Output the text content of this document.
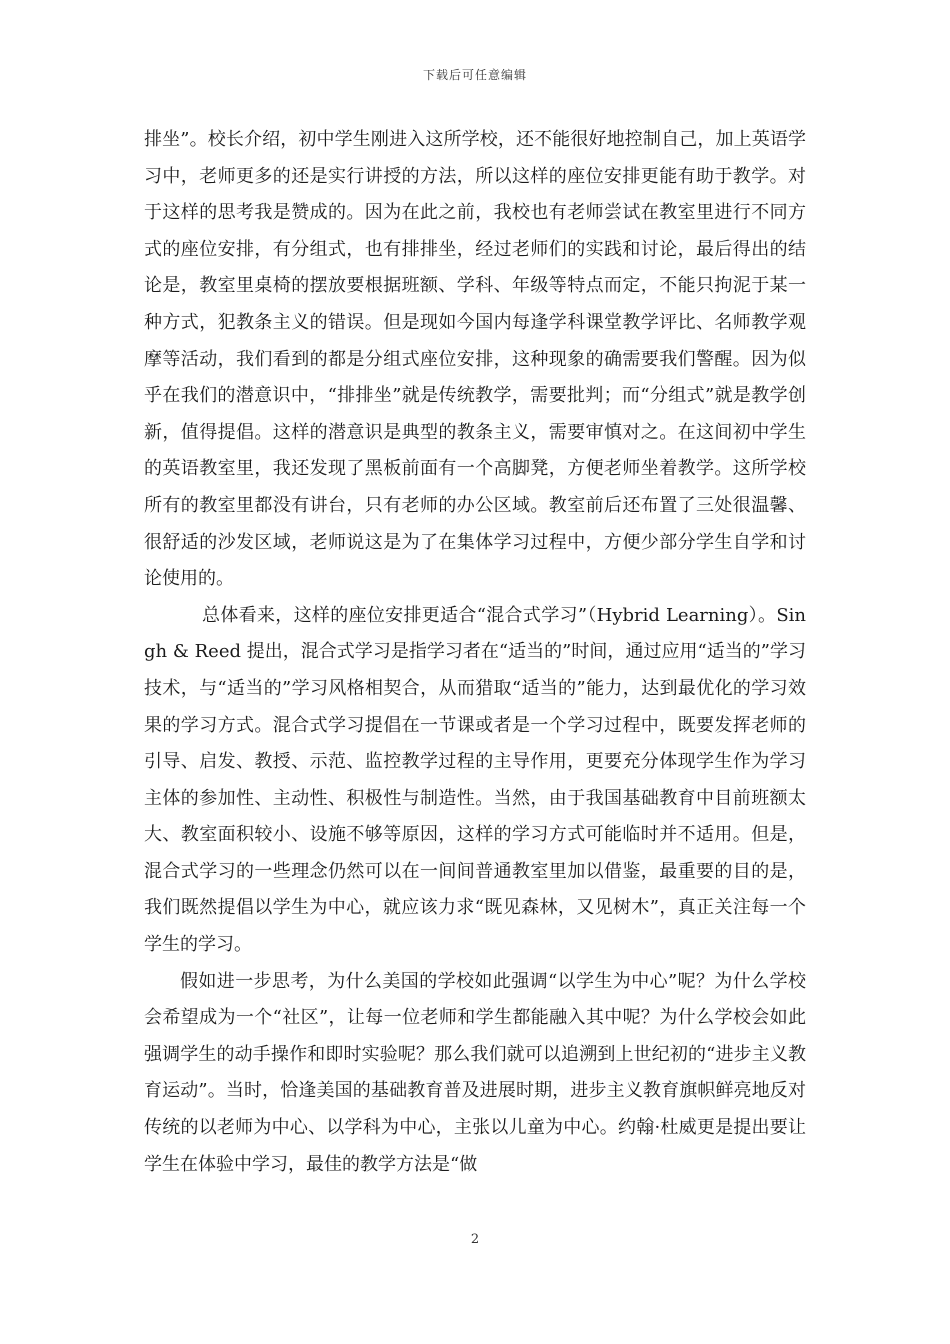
下载后可任意编辑

排坐”。校长介绍，初中学生刚进入这所学校，还不能很好地控制自己，加上英语学习中，老师更多的还是实行讲授的方法，所以这样的座位安排更能有助于教学。对于这样的思考我是赞成的。因为在此之前，我校也有老师尝试在教室里进行不同方式的座位安排，有分组式，也有排排坐，经过老师们的实践和讨论，最后得出的结论是，教室里桌椅的摆放要根据班额、学科、年级等特点而定，不能只拘泥于某一种方式，犯教条主义的错误。但是现如今国内每逢学科课堂教学评比、名师教学观摩等活动，我们看到的都是分组式座位安排，这种现象的确需要我们警醒。因为似乎在我们的潜意识中，“排排坐”就是传统教学，需要批判；而“分组式”就是教学创新，值得提倡。这样的潜意识是典型的教条主义，需要审慎对之。在这间初中学生的英语教室里，我还发现了黑板前面有一个高脚凳，方便老师坐着教学。这所学校所有的教室里都没有讲台，只有老师的办公区域。教室前后还布置了三处很温馨、很舒适的沙发区域，老师说这是为了在集体学习过程中，方便少部分学生自学和讨论使用的。

总体看来，这样的座位安排更适合“混合式学习”（Hybrid Learning）。Singh & Reed 提出，混合式学习是指学习者在“适当的”时间，通过应用“适当的”学习技术，与“适当的”学习风格相契合，从而猎取“适当的”能力，达到最优化的学习效果的学习方式。混合式学习提倡在一节课或者是一个学习过程中，既要发挥老师的引导、启发、教授、示范、监控教学过程的主导作用，更要充分体现学生作为学习主体的参加性、主动性、积极性与制造性。当然，由于我国基础教育中目前班额太大、教室面积较小、设施不够等原因，这样的学习方式可能临时并不适用。但是，混合式学习的一些理念仍然可以在一间间普通教室里加以借鉴，最重要的目的是，我们既然提倡以学生为中心，就应该力求“既见森林，又见树木”，真正关注每一个学生的学习。

假如进一步思考，为什么美国的学校如此强调“以学生为中心”呢？为什么学校会希望成为一个“社区”，让每一位老师和学生都能融入其中呢？为什么学校会如此强调学生的动手操作和即时实验呢？那么我们就可以追溯到上世纪初的“进步主义教育运动”。当时，恰逢美国的基础教育普及进展时期，进步主义教育旗帜鲜亮地反对传统的以老师为中心、以学科为中心，主张以儿童为中心。约翰·杜威更是提出要让学生在体验中学习，最佳的教学方法是“做

2
